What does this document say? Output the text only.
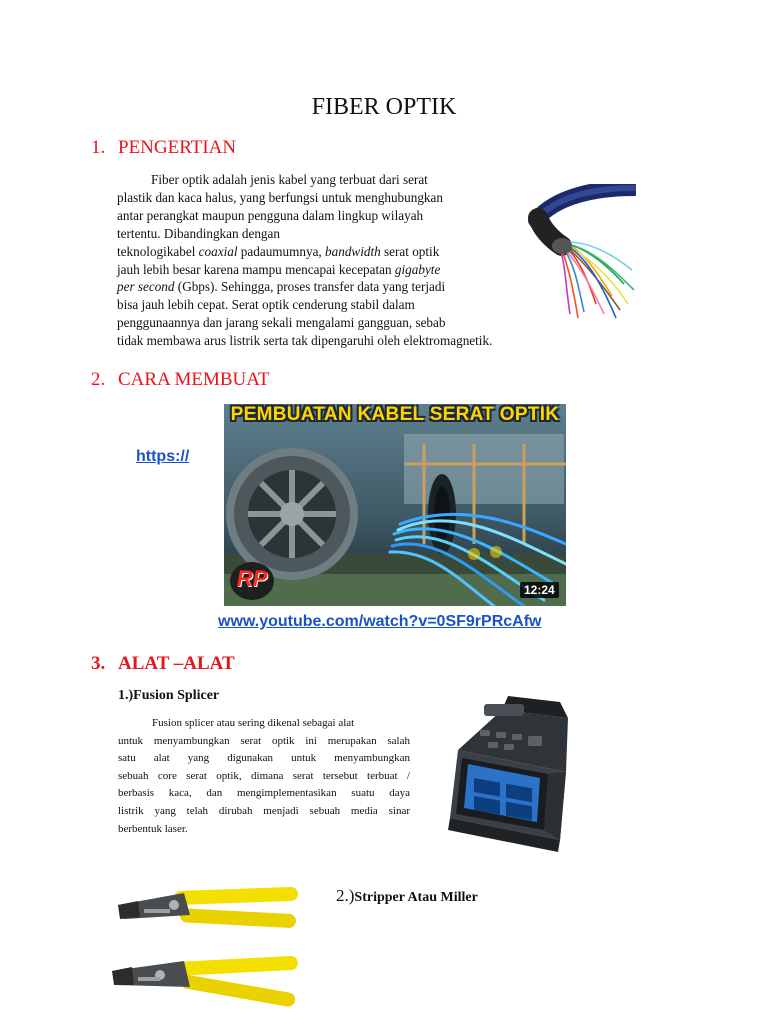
FIBER OPTIK
1. PENGERTIAN

Fiber optik adalah jenis kabel yang terbuat dari serat

plastik dan kaca halus, yang berfungsi untuk menghubungkan

antar perangkat maupun pengguna dalam lingkup wilayah

tertentu. Dibandingkan dengan

teknologikabel coaxial padaumumnya, bandwidth serat optik

jauh lebih besar karena mampu mencapai kecepatan gigabyte

per second (Gbps). Sehingga, proses transfer data yang terjadi

bisa jauh lebih cepat. Serat optik cenderung stabil dalam

penggunaannya dan jarang sekali mengalami gangguan, sebab

tidak membawa arus listrik serta tak dipengaruhi oleh elektromagnetik.

2. CARA MEMBUAT
https://
PEMBUATAN KABEL SERAT OPTIK
RP	12:24
www.youtube.com/watch?v=0SF9rPRcAfw
3. ALAT –ALAT
1.)Fusion Splicer
Fusion splicer atau sering dikenal sebagai alat
untuk menyambungkan serat optik ini merupakan salah
satu alat yang digunakan untuk menyambungkan
sebuah core serat optik, dimana serat tersebut terbuat /
berbasis kaca, dan mengimplementasikan suatu daya
listrik yang telah dirubah menjadi sebuah media sinar
berbentuk laser.
2.)Stripper Atau Miller
